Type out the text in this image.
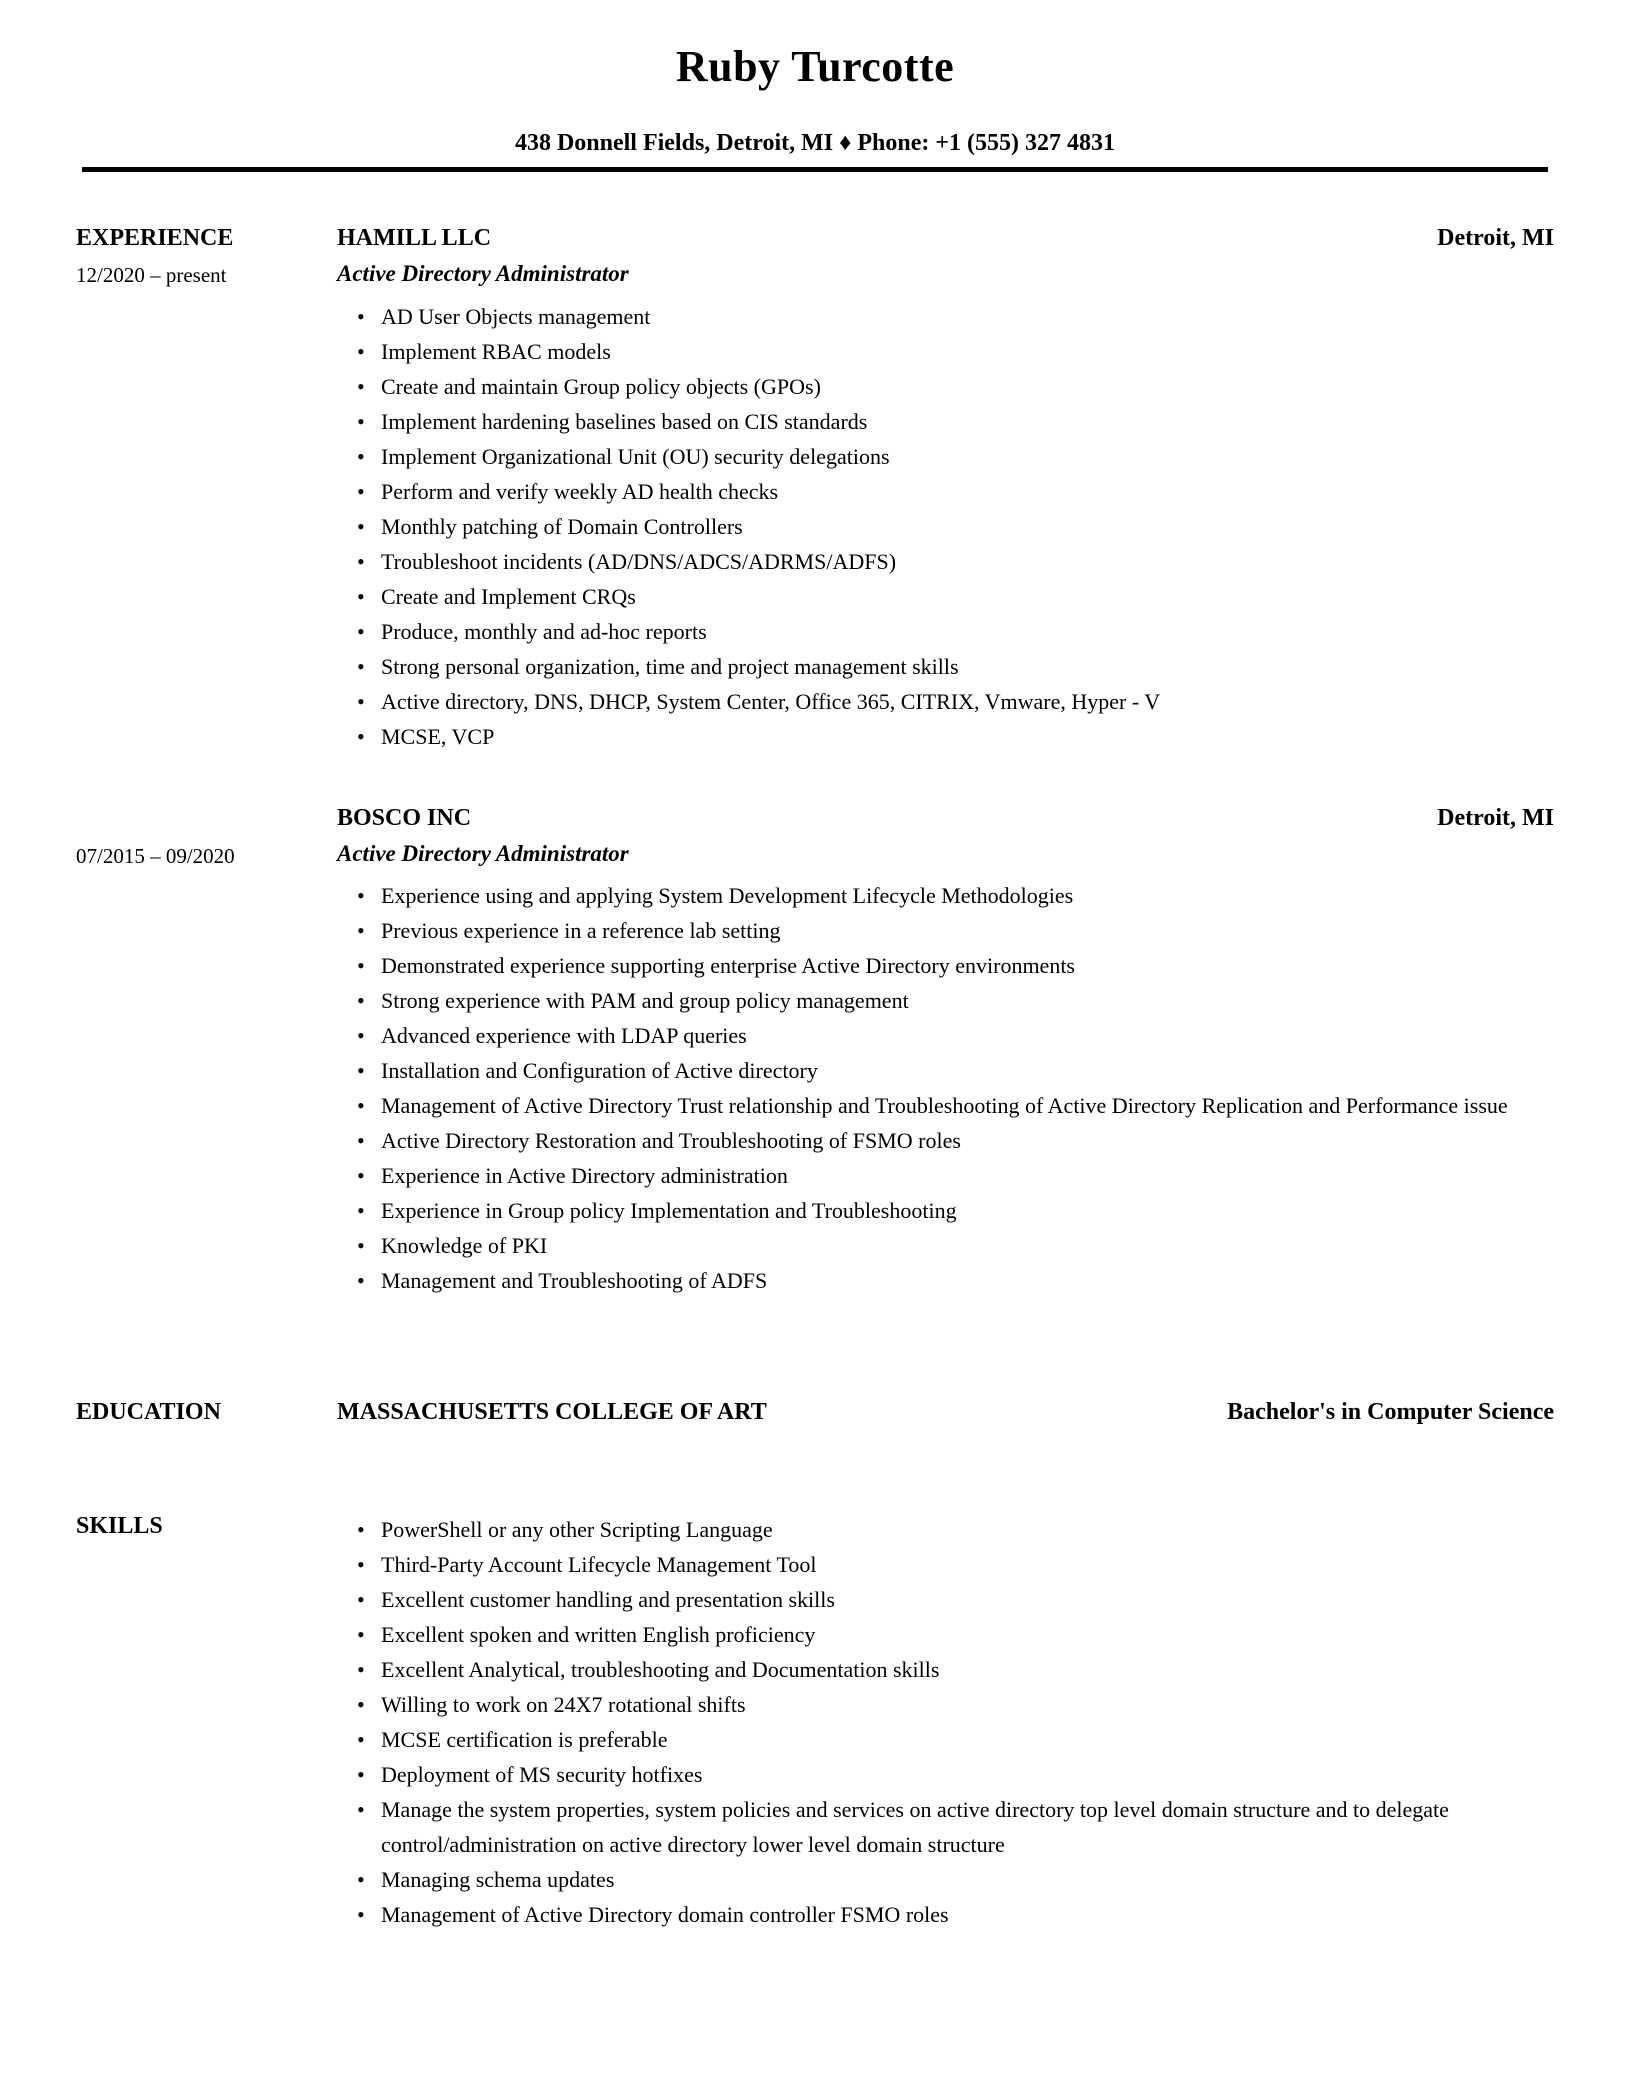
Ruby Turcotte

438 Donnell Fields, Detroit, MI ♦ Phone: +1 (555) 327 4831

EXPERIENCE
12/2020 – present
HAMILL LLC	Detroit, MI
Active Directory Administrator
• AD User Objects management
• Implement RBAC models
• Create and maintain Group policy objects (GPOs)
• Implement hardening baselines based on CIS standards
• Implement Organizational Unit (OU) security delegations
• Perform and verify weekly AD health checks
• Monthly patching of Domain Controllers
• Troubleshoot incidents (AD/DNS/ADCS/ADRMS/ADFS)
• Create and Implement CRQs
• Produce, monthly and ad-hoc reports
• Strong personal organization, time and project management skills
• Active directory, DNS, DHCP, System Center, Office 365, CITRIX, Vmware, Hyper - V
• MCSE, VCP
07/2015 – 09/2020
BOSCO INC	Detroit, MI
Active Directory Administrator
• Experience using and applying System Development Lifecycle Methodologies
• Previous experience in a reference lab setting
• Demonstrated experience supporting enterprise Active Directory environments
• Strong experience with PAM and group policy management
• Advanced experience with LDAP queries
• Installation and Configuration of Active directory
• Management of Active Directory Trust relationship and Troubleshooting of Active Directory Replication and Performance issue
• Active Directory Restoration and Troubleshooting of FSMO roles
• Experience in Active Directory administration
• Experience in Group policy Implementation and Troubleshooting
• Knowledge of PKI
• Management and Troubleshooting of ADFS
EDUCATION	MASSACHUSETTS COLLEGE OF ART	Bachelor's in Computer Science
SKILLS	• PowerShell or any other Scripting Language
• Third-Party Account Lifecycle Management Tool
• Excellent customer handling and presentation skills
• Excellent spoken and written English proficiency
• Excellent Analytical, troubleshooting and Documentation skills
• Willing to work on 24X7 rotational shifts
• MCSE certification is preferable
• Deployment of MS security hotfixes
• Manage the system properties, system policies and services on active directory top level domain structure and to delegate control/administration on active directory lower level domain structure
• Managing schema updates
• Management of Active Directory domain controller FSMO roles
